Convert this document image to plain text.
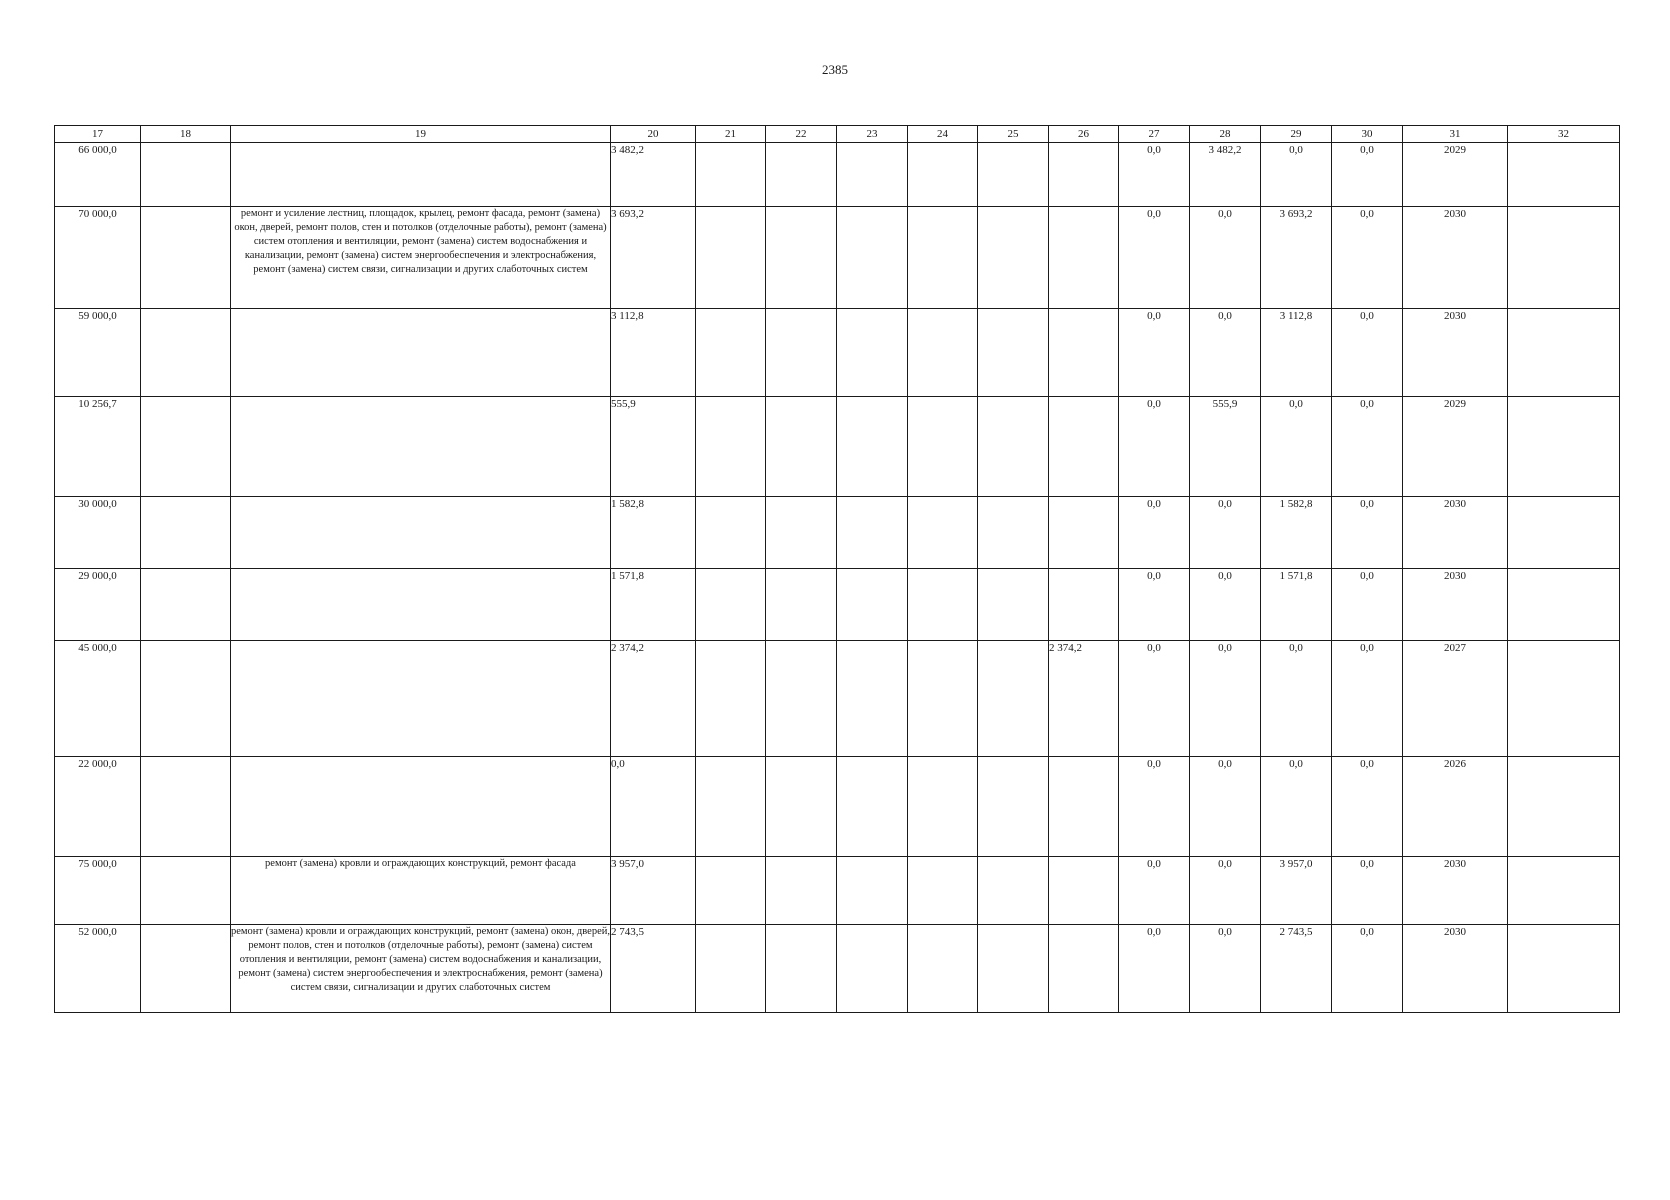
2385
17	18	19	20	21	22	23	24	25	26	27	28	29	30	31	32
66 000,0			3 482,2							0,0	3 482,2	0,0	0,0	2029	
70 000,0		ремонт и усиление лестниц, площадок, крылец, ремонт фасада, ремонт (замена) окон, дверей, ремонт полов, стен и потолков (отделочные работы), ремонт (замена) систем отопления и вентиляции, ремонт (замена) систем водоснабжения и канализации, ремонт (замена) систем энергообеспечения и электроснабжения, ремонт (замена) систем связи, сигнализации и других слаботочных систем	3 693,2							0,0	0,0	3 693,2	0,0	2030	
59 000,0			3 112,8							0,0	0,0	3 112,8	0,0	2030	
10 256,7			555,9							0,0	555,9	0,0	0,0	2029	
30 000,0			1 582,8							0,0	0,0	1 582,8	0,0	2030	
29 000,0			1 571,8							0,0	0,0	1 571,8	0,0	2030	
45 000,0			2 374,2						2 374,2	0,0	0,0	0,0	0,0	2027	
22 000,0			0,0							0,0	0,0	0,0	0,0	2026	
75 000,0		ремонт (замена) кровли и ограждающих конструкций, ремонт фасада	3 957,0							0,0	0,0	3 957,0	0,0	2030	
52 000,0		ремонт (замена) кровли и ограждающих конструкций, ремонт (замена) окон, дверей, ремонт полов, стен и потолков (отделочные работы), ремонт (замена) систем отопления и вентиляции, ремонт (замена) систем водоснабжения и канализации, ремонт (замена) систем энергообеспечения и электроснабжения, ремонт (замена) систем связи, сигнализации и других слаботочных систем	2 743,5							0,0	0,0	2 743,5	0,0	2030	
